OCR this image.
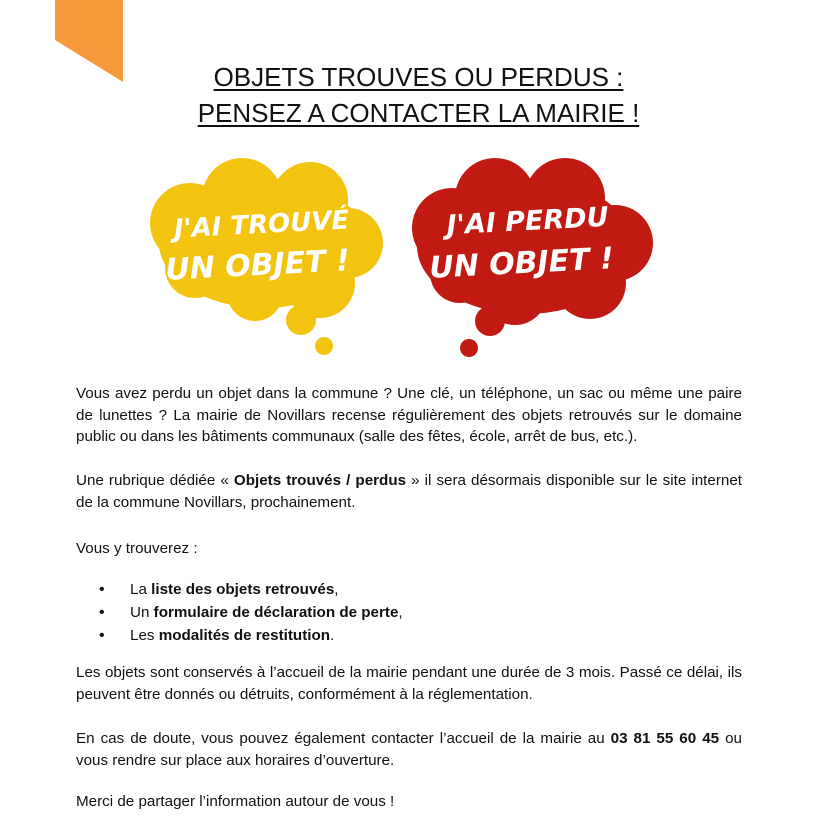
OBJETS TROUVES OU PERDUS :
PENSEZ A CONTACTER LA MAIRIE !
J'AI TROUVÉ
UN OBJET !
J'AI PERDU
UN OBJET !

Vous avez perdu un objet dans la commune ? Une clé, un téléphone, un sac ou même une paire de lunettes ? La mairie de Novillars recense régulièrement des objets retrouvés sur le domaine public ou dans les bâtiments communaux (salle des fêtes, école, arrêt de bus, etc.).

Une rubrique dédiée « Objets trouvés / perdus » il sera désormais disponible sur le site internet de la commune Novillars, prochainement.

Vous y trouverez :

• La liste des objets retrouvés,
• Un formulaire de déclaration de perte,
• Les modalités de restitution.

Les objets sont conservés à l’accueil de la mairie pendant une durée de 3 mois. Passé ce délai, ils peuvent être donnés ou détruits, conformément à la réglementation.

En cas de doute, vous pouvez également contacter l’accueil de la mairie au 03 81 55 60 45 ou vous rendre sur place aux horaires d’ouverture.

Merci de partager l’information autour de vous !
